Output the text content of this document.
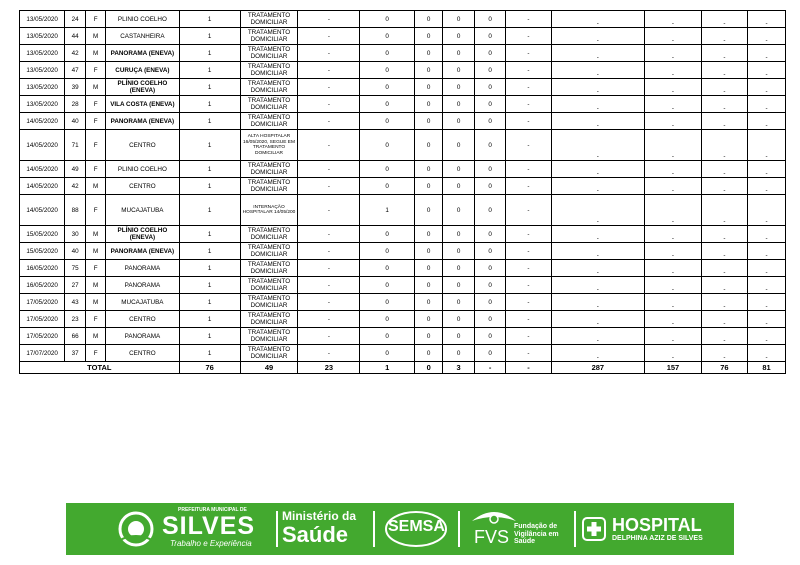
13/05/2020	24	F	PLINIO COELHO	1	TRATAMENTO DOMICILIAR	-	0	0	0	0	-	-	-	-	-
13/05/2020	44	M	CASTANHEIRA	1	TRATAMENTO DOMICILIAR	-	0	0	0	0	-	-	-	-	-
13/05/2020	42	M	PANORAMA (ENEVA)	1	TRATAMENTO DOMICILIAR	-	0	0	0	0	-	-	-	-	-
13/05/2020	47	F	CURUÇA (ENEVA)	1	TRATAMENTO DOMICILIAR	-	0	0	0	0	-	-	-	-	-
13/05/2020	39	M	PLÍNIO COELHO (ENEVA)	1	TRATAMENTO DOMICILIAR	-	0	0	0	0	-	-	-	-	-
13/05/2020	28	F	VILA COSTA (ENEVA)	1	TRATAMENTO DOMICILIAR	-	0	0	0	0	-	-	-	-	-
14/05/2020	40	F	PANORAMA (ENEVA)	1	TRATAMENTO DOMICILIAR	-	0	0	0	0	-	-	-	-	-
14/05/2020	71	F	CENTRO	1	ALTA HOSPITALAR 16/05/2020, SEGUE EM TRATAMENTO DOMICILIAR	-	0	0	0	0	-	-	-	-	-
14/05/2020	49	F	PLINIO COELHO	1	TRATAMENTO DOMICILIAR	-	0	0	0	0	-	-	-	-	-
14/05/2020	42	M	CENTRO	1	TRATAMENTO DOMICILIAR	-	0	0	0	0	-	-	-	-	-
14/05/2020	88	F	MUCAJATUBA	1	INTERNAÇÃO HOSPITALAR 14/05/200	-	1	0	0	0	-	-	-	-	-
15/05/2020	30	M	PLÍNIO COELHO (ENEVA)	1	TRATAMENTO DOMICILIAR	-	0	0	0	0	-	-	-	-	-
15/05/2020	40	M	PANORAMA (ENEVA)	1	TRATAMENTO DOMICILIAR	-	0	0	0	0	-	-	-	-	-
16/05/2020	75	F	PANORAMA	1	TRATAMENTO DOMICILIAR	-	0	0	0	0	-	-	-	-	-
16/05/2020	27	M	PANORAMA	1	TRATAMENTO DOMICILIAR	-	0	0	0	0	-	-	-	-	-
17/05/2020	43	M	MUCAJATUBA	1	TRATAMENTO DOMICILIAR	-	0	0	0	0	-	-	-	-	-
17/05/2020	23	F	CENTRO	1	TRATAMENTO DOMICILIAR	-	0	0	0	0	-	-	-	-	-
17/05/2020	66	M	PANORAMA	1	TRATAMENTO DOMICILIAR	-	0	0	0	0	-	-	-	-	-
17/07/2020	37	F	CENTRO	1	TRATAMENTO DOMICILIAR	-	0	0	0	0	-	-	-	-	-
TOTAL				76	49	23	1	0	3	-	-	287	157	76	81
PREFEITURA MUNICIPAL DE
SILVES
Trabalho e Experiência
Ministério da
Saúde SEMSA
FVS
Fundação de Vigilância em Saúde
HOSPITAL
DELPHINA AZIZ DE SILVES
